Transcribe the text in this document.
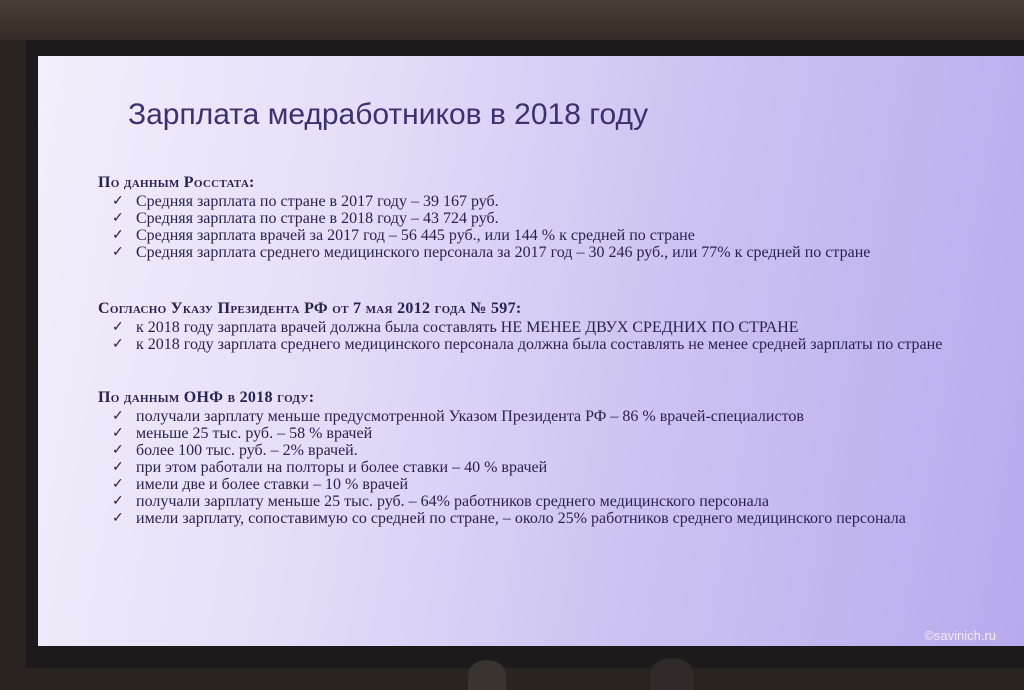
Зарплата медработников в 2018 году
По данным Росстата:
✓ Средняя зарплата по стране в 2017 году – 39 167 руб.
✓ Средняя зарплата по стране в 2018 году – 43 724 руб.
✓ Средняя зарплата врачей за 2017 год – 56 445 руб., или 144 % к средней по стране
✓ Средняя зарплата среднего медицинского персонала за 2017 год – 30 246 руб., или 77% к средней по стране
Согласно Указу Президента РФ от 7 мая 2012 года № 597:
✓ к 2018 году зарплата врачей должна была составлять НЕ МЕНЕЕ ДВУХ СРЕДНИХ ПО СТРАНЕ
✓ к 2018 году зарплата среднего медицинского персонала должна была составлять не менее средней зарплаты по стране
По данным ОНФ в 2018 году:
✓ получали зарплату меньше предусмотренной Указом Президента РФ – 86 % врачей-специалистов
✓ меньше 25 тыс. руб. – 58 % врачей
✓ более 100 тыс. руб. – 2% врачей.
✓ при этом работали на полторы и более ставки – 40 % врачей
✓ имели две и более ставки – 10 % врачей
✓ получали зарплату меньше 25 тыс. руб. – 64% работников среднего медицинского персонала
✓ имели зарплату, сопоставимую со средней по стране, – около 25% работников среднего медицинского персонала
©savinich.ru
